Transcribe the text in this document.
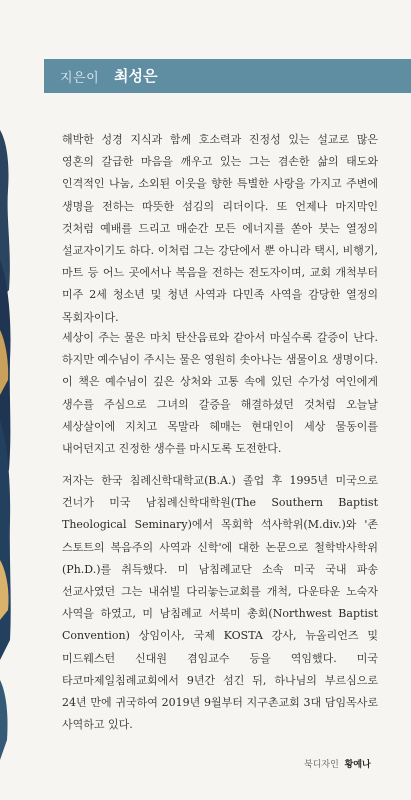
지은이 최성은

해박한 성경 지식과 함께 호소력과 진정성 있는 설교로 많은 영혼의 갈급한 마음을 깨우고 있는 그는 겸손한 삶의 태도와 인격적인 나눔, 소외된 이웃을 향한 특별한 사랑을 가지고 주변에 생명을 전하는 따뜻한 섬김의 리더이다. 또 언제나 마지막인 것처럼 예배를 드리고 매순간 모든 에너지를 쏟아 붓는 열정의 설교자이기도 하다. 이처럼 그는 강단에서 뿐 아니라 택시, 비행기, 마트 등 어느 곳에서나 복음을 전하는 전도자이며, 교회 개척부터 미주 2세 청소년 및 청년 사역과 다민족 사역을 감당한 열정의 목회자이다.

세상이 주는 물은 마치 탄산음료와 같아서 마실수록 갈증이 난다. 하지만 예수님이 주시는 물은 영원히 솟아나는 샘물이요 생명이다. 이 책은 예수님이 깊은 상처와 고통 속에 있던 수가성 여인에게 생수를 주심으로 그녀의 갈증을 해결하셨던 것처럼 오늘날 세상살이에 지치고 목말라 헤매는 현대인이 세상 물동이를 내어던지고 진정한 생수를 마시도록 도전한다.

저자는 한국 침례신학대학교(B.A.) 졸업 후 1995년 미국으로 건너가 미국 남침례신학대학원(The Southern Baptist Theological Seminary)에서 목회학 석사학위(M.div.)와 '존 스토트의 복음주의 사역과 신학'에 대한 논문으로 철학박사학위(Ph.D.)를 취득했다. 미 남침례교단 소속 미국 국내 파송 선교사였던 그는 내쉬빌 다리놓는교회를 개척, 다운타운 노숙자 사역을 하였고, 미 남침례교 서북미 총회(Northwest Baptist Convention) 상임이사, 국제 KOSTA 강사, 뉴올리언즈 및 미드웨스턴 신대원 겸임교수 등을 역임했다. 미국 타코마제일침례교회에서 9년간 섬긴 뒤, 하나님의 부르심으로 24년 만에 귀국하여 2019년 9월부터 지구촌교회 3대 담임목사로 사역하고 있다.

북디자인 황예나
